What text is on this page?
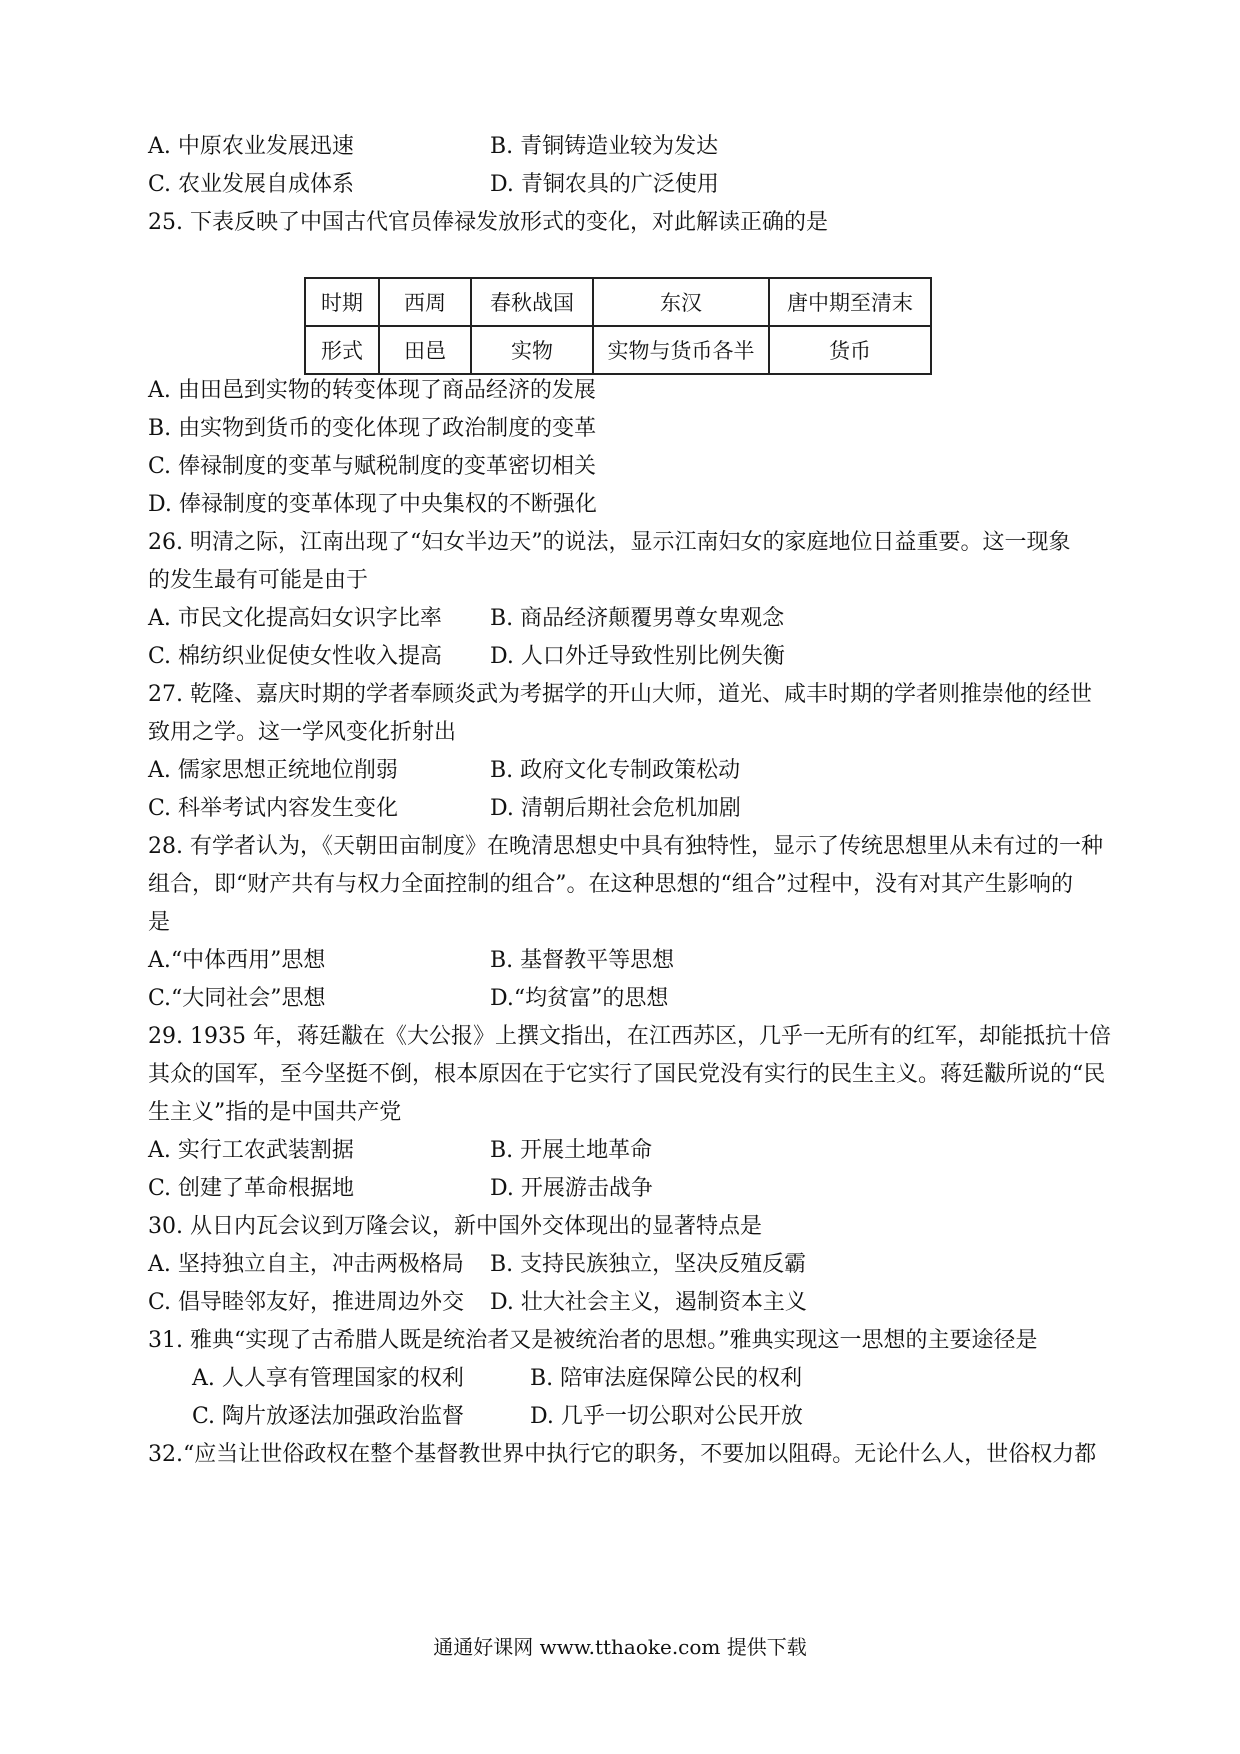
A. 中原农业发展迅速	B. 青铜铸造业较为发达
C. 农业发展自成体系	D. 青铜农具的广泛使用
25. 下表反映了中国古代官员俸禄发放形式的变化，对此解读正确的是
时期	西周	春秋战国	东汉	唐中期至清末
形式	田邑	实物	实物与货币各半	货币
A. 由田邑到实物的转变体现了商品经济的发展
B. 由实物到货币的变化体现了政治制度的变革
C. 俸禄制度的变革与赋税制度的变革密切相关
D. 俸禄制度的变革体现了中央集权的不断强化
26. 明清之际，江南出现了“妇女半边天”的说法，显示江南妇女的家庭地位日益重要。这一现象
的发生最有可能是由于
A. 市民文化提高妇女识字比率 B. 商品经济颠覆男尊女卑观念
C. 棉纺织业促使女性收入提高 D. 人口外迁导致性别比例失衡
27. 乾隆、嘉庆时期的学者奉顾炎武为考据学的开山大师，道光、咸丰时期的学者则推崇他的经世
致用之学。这一学风变化折射出
A. 儒家思想正统地位削弱	B. 政府文化专制政策松动
C. 科举考试内容发生变化	D. 清朝后期社会危机加剧
28. 有学者认为，《天朝田亩制度》在晚清思想史中具有独特性，显示了传统思想里从未有过的一种
组合，即“财产共有与权力全面控制的组合”。在这种思想的“组合”过程中，没有对其产生影响的
是
A.“中体西用”思想	B. 基督教平等思想
C.“大同社会”思想	D.“均贫富”的思想
29. 1935 年，蒋廷黻在《大公报》上撰文指出，在江西苏区，几乎一无所有的红军，却能抵抗十倍
其众的国军，至今坚挺不倒，根本原因在于它实行了国民党没有实行的民生主义。蒋廷黻所说的“民
生主义”指的是中国共产党
A. 实行工农武装割据	B. 开展土地革命
C. 创建了革命根据地	D. 开展游击战争
30. 从日内瓦会议到万隆会议，新中国外交体现出的显著特点是
A. 坚持独立自主，冲击两极格局 B. 支持民族独立，坚决反殖反霸
C. 倡导睦邻友好，推进周边外交 D. 壮大社会主义，遏制资本主义
31. 雅典“实现了古希腊人既是统治者又是被统治者的思想。”雅典实现这一思想的主要途径是
A. 人人享有管理国家的权利	B. 陪审法庭保障公民的权利
C. 陶片放逐法加强政治监督	D. 几乎一切公职对公民开放
32.“应当让世俗政权在整个基督教世界中执行它的职务，不要加以阻碍。无论什么人，世俗权力都
通通好课网 www.tthaoke.com 提供下载
